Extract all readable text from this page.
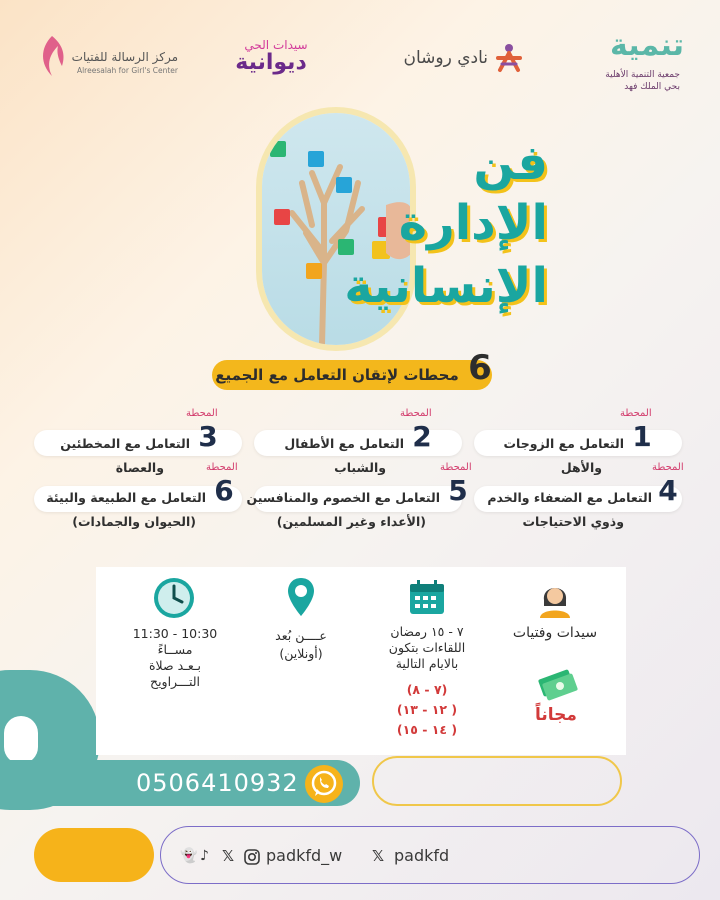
تنمية
جمعية التنمية الأهلية
بحي الملك فهد
نادي روشان
سيدات الحي
ديوانية
مركز الرسالة للفتيات
Alreesalah for Girl's Center
فن
الإدارة
الإنسانية
محطات لإتقان التعامل مع الجميع 6
المحطة
1
التعامل مع الزوجات
والأهل
المحطة
2
التعامل مع الأطفال
والشباب
المحطة
3
التعامل مع المخطئين
والعصاة	المحطة
4
التعامل مع الضعفاء والخدم
وذوي الاحتياجات
المحطة
5
التعامل مع الخصوم والمنافسين
(الأعداء وغير المسلمين)
المحطة
6
التعامل مع الطبيعة والبيئة
(الحيوان والجمادات)
سيدات وفتيات
مجاناً
٧ - ١٥ رمضان
اللقاءات بتكون
بالايام التالية
(٧ - ٨)
( ١٢ - ١٣)
( ١٤ - ١٥)
عــــن بُعد
(أونلاين)
10:30 - 11:30
مســاءً
بـعـد صلاة
التـــراويح
0506410932
👻 ♪ 𝕏 padkfd_w 𝕏 padkfd
